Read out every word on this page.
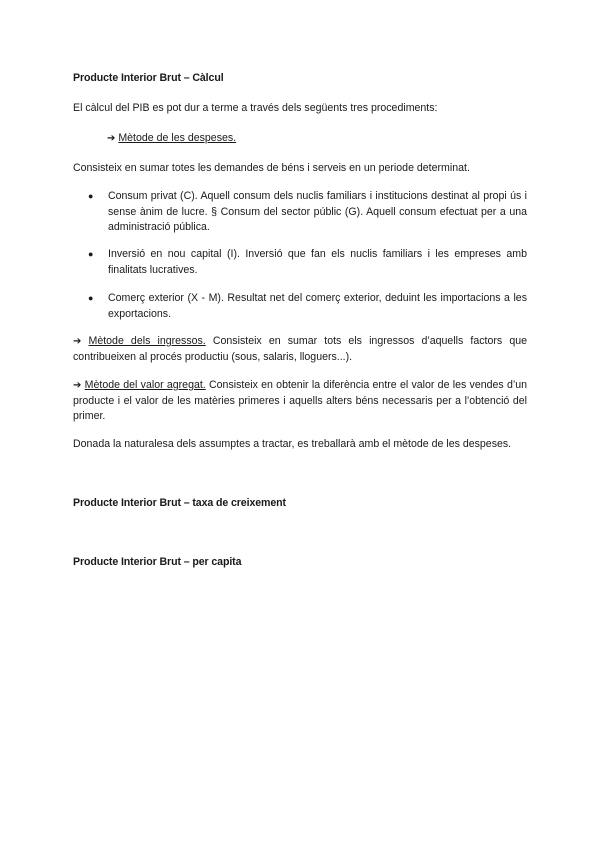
Producte Interior Brut – Càlcul

El càlcul del PIB es pot dur a terme a través dels següents tres procediments:

➔ Mètode de les despeses.

Consisteix en sumar totes les demandes de béns i serveis en un periode determinat.

● Consum privat (C). Aquell consum dels nuclis familiars i institucions destinat al propi ús i sense ànim de lucre. § Consum del sector públic (G). Aquell consum efectuat per a una administració pública.
● Inversió en nou capital (I). Inversió que fan els nuclis familiars i les empreses amb finalitats lucratives.
● Comerç exterior (X - M). Resultat net del comerç exterior, deduint les importacions a les exportacions.

➔ Mètode dels ingressos. Consisteix en sumar tots els ingressos d’aquells factors que contribueixen al procés productiu (sous, salaris, lloguers...).

➔ Mètode del valor agregat. Consisteix en obtenir la diferència entre el valor de les vendes d’un producte i el valor de les matèries primeres i aquells alters béns necessaris per a l’obtenció del primer.

Donada la naturalesa dels assumptes a tractar, es treballarà amb el mètode de les despeses.

Producte Interior Brut – taxa de creixement

Producte Interior Brut – per capita
